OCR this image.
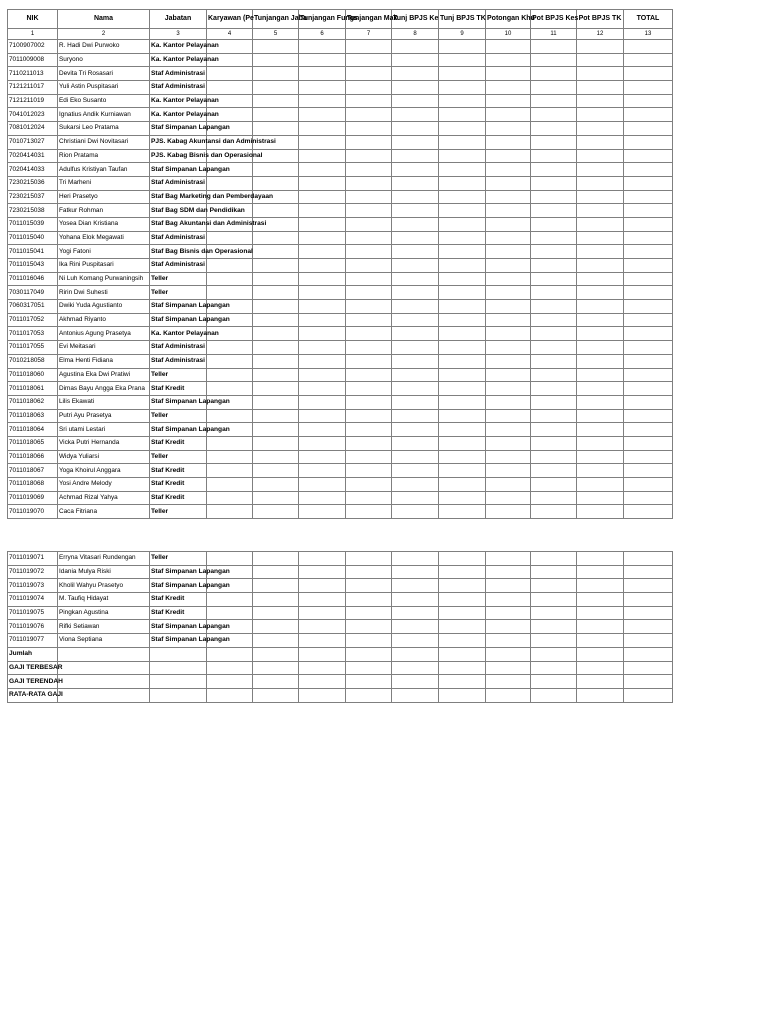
NIK	Nama	Jabatan	Karyawan (Pe	Tunjangan Jaba	Tunjangan Fungs	Tunjangan Mak	Tunj BPJS Ke	Tunj BPJS TK	Potongan Khu	Pot BPJS Kes	Pot BPJS TK	TOTAL
1	2	3	4	5	6	7	8	9	10	11	12	13
7100907002	R. Hadi Dwi Purwoko	Ka. Kantor Pelayanan										
7011009008	Suryono	Ka. Kantor Pelayanan										
7110211013	Devita Tri Rosasari	Staf Administrasi										
7121211017	Yuli Astin Puspitasari	Staf Administrasi										
7121211019	Edi Eko Susanto	Ka. Kantor Pelayanan										
7041012023	Ignatius Andik Kurniawan	Ka. Kantor Pelayanan										
7081012024	Sukarsi Leo Pratama	Staf Simpanan Lapangan										
7010713027	Christiani Dwi Novitasari	PJS. Kabag Akuntansi dan Administrasi										
7020414031	Rion Pratama	PJS. Kabag Bisnis dan Operasional										
7020414033	Adulfus Kristiyan Taufan	Staf Simpanan Lapangan										
7230215036	Tri Marheni	Staf Administrasi										
7230215037	Heri Prasetyo	Staf Bag Marketing dan Pemberdayaan										
7230215038	Fatkur Rohman	Staf Bag SDM dan Pendidikan										
7011015039	Yosea Dian Kristiana	Staf Bag Akuntansi dan Administrasi										
7011015040	Yohana Elok Megawati	Staf Administrasi										
7011015041	Yogi Fatoni	Staf Bag Bisnis dan Operasional										
7011015043	Ika Rini Puspitasari	Staf Administrasi										
7011016046	Ni Luh Komang Purwaningsih	Teller										
7030117049	Ririn Dwi Suhesti	Teller										
7060317051	Dwiki Yuda Agustianto	Staf Simpanan Lapangan										
7011017052	Akhmad Riyanto	Staf Simpanan Lapangan										
7011017053	Antonius Agung Prasetya	Ka. Kantor Pelayanan										
7011017055	Evi Meitasari	Staf Administrasi										
7010218058	Elma Henti Fidiana	Staf Administrasi										
7011018060	Agustina Eka Dwi Pratiwi	Teller										
7011018061	Dimas Bayu Angga Eka Prana	Staf Kredit										
7011018062	Lilis Ekawati	Staf Simpanan Lapangan										
7011018063	Putri Ayu Prasetya	Teller										
7011018064	Sri utami Lestari	Staf Simpanan Lapangan										
7011018065	Vicka Putri Hernanda	Staf Kredit										
7011018066	Widya Yuliarsi	Teller										
7011018067	Yoga Khoirul Anggara	Staf Kredit										
7011018068	Yosi Andre Melody	Staf Kredit										
7011019069	Achmad Rizal Yahya	Staf Kredit										
7011019070	Caca Fitriana	Teller										
7011019071	Erryna Vitasari Rundengan	Teller										
7011019072	Idania Mulya Riski	Staf Simpanan Lapangan										
7011019073	Kholil Wahyu Prasetyo	Staf Simpanan Lapangan										
7011019074	M. Taufiq Hidayat	Staf Kredit										
7011019075	Pingkan Agustina	Staf Kredit										
7011019076	Rifki Setiawan	Staf Simpanan Lapangan										
7011019077	Viona Septiana	Staf Simpanan Lapangan										
Jumlah												
GAJI TERBESAR												
GAJI TERENDAH												
RATA-RATA GAJI												
